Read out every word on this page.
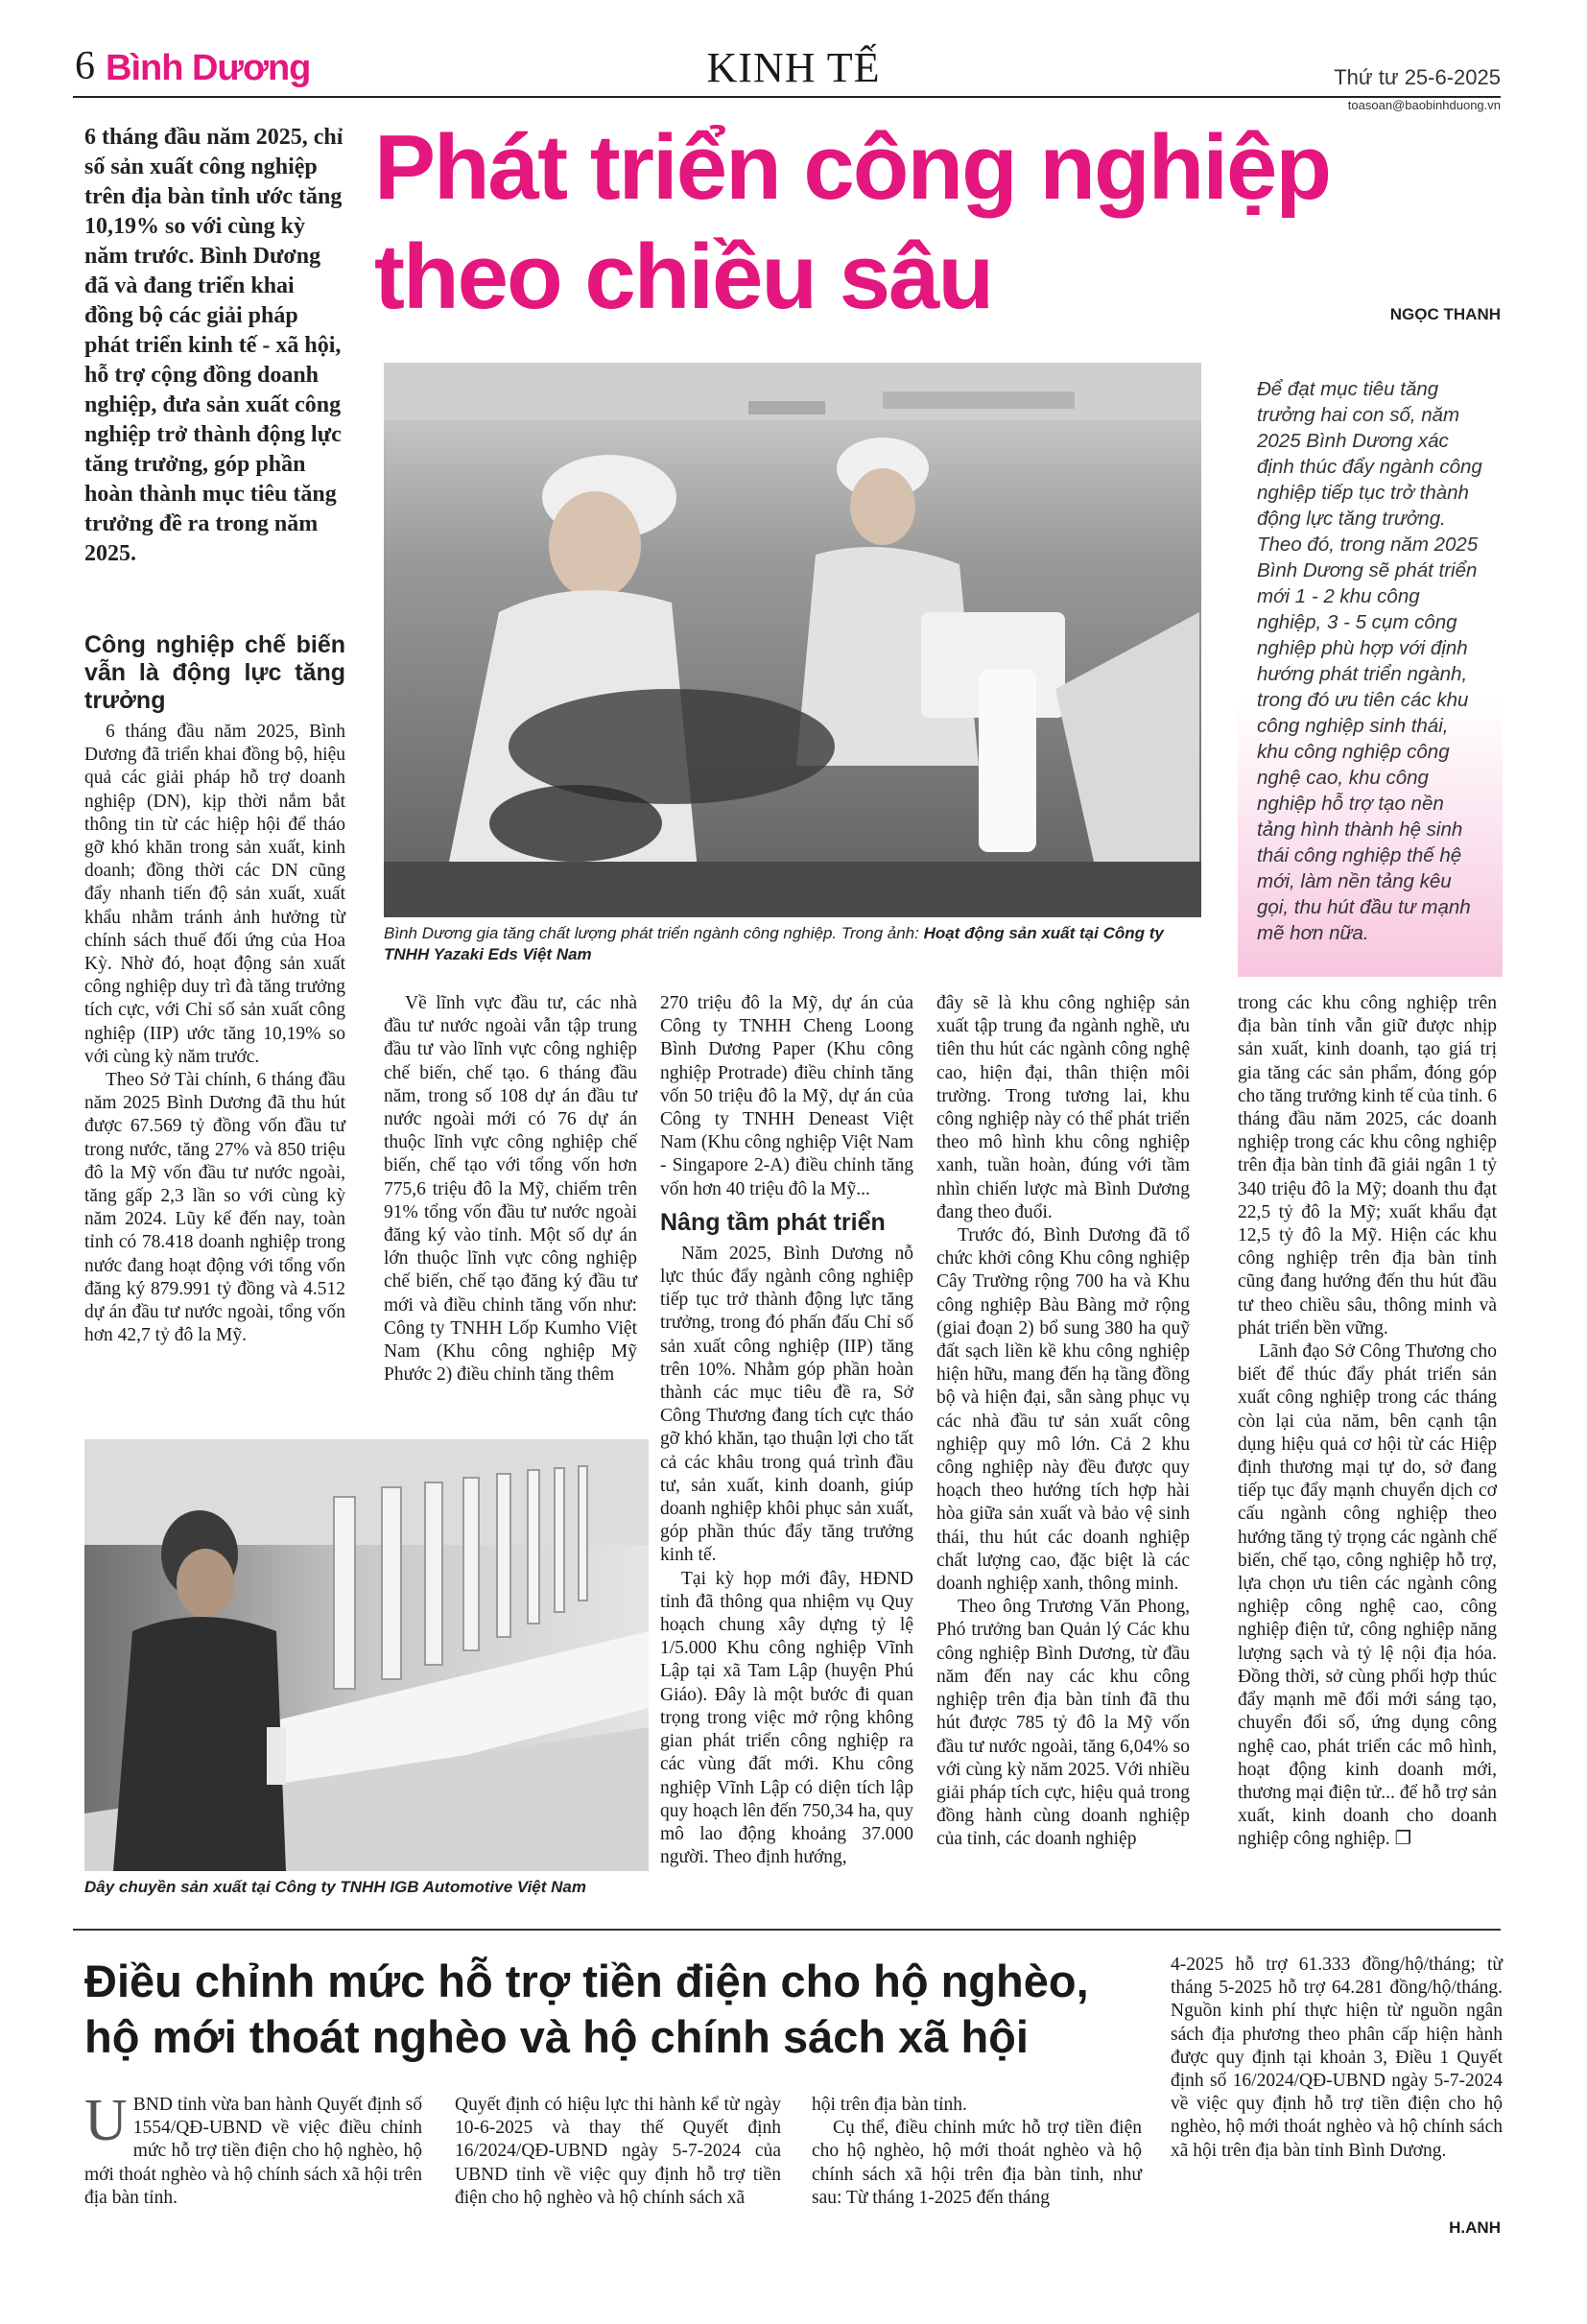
6 Bình Dương	KINH TẾ	Thứ tư 25-6-2025
toasoan@baobinhduong.vn
6 tháng đầu năm 2025, chỉ số sản xuất công nghiệp trên địa bàn tỉnh ước tăng 10,19% so với cùng kỳ năm trước. Bình Dương đã và đang triển khai đồng bộ các giải pháp phát triển kinh tế - xã hội, hỗ trợ cộng đồng doanh nghiệp, đưa sản xuất công nghiệp trở thành động lực tăng trưởng, góp phần hoàn thành mục tiêu tăng trưởng đề ra trong năm 2025.
Phát triển công nghiệp
theo chiều sâu	NGỌC THANH
Bình Dương gia tăng chất lượng phát triển ngành công nghiệp. Trong ảnh: Hoạt động sản xuất tại Công ty TNHH Yazaki Eds Việt Nam
Để đạt mục tiêu tăng trưởng hai con số, năm 2025 Bình Dương xác định thúc đẩy ngành công nghiệp tiếp tục trở thành động lực tăng trưởng. Theo đó, trong năm 2025 Bình Dương sẽ phát triển mới 1 - 2 khu công nghiệp, 3 - 5 cụm công nghiệp phù hợp với định hướng phát triển ngành, trong đó ưu tiên các khu công nghiệp sinh thái, khu công nghiệp công nghệ cao, khu công nghiệp hỗ trợ tạo nền tảng hình thành hệ sinh thái công nghiệp thế hệ mới, làm nền tảng kêu gọi, thu hút đầu tư mạnh mẽ hơn nữa.
Công nghiệp chế biến vẫn là động lực tăng trưởng

6 tháng đầu năm 2025, Bình Dương đã triển khai đồng bộ, hiệu quả các giải pháp hỗ trợ doanh nghiệp (DN), kịp thời nắm bắt thông tin từ các hiệp hội để tháo gỡ khó khăn trong sản xuất, kinh doanh; đồng thời các DN cũng đẩy nhanh tiến độ sản xuất, xuất khẩu nhằm tránh ảnh hưởng từ chính sách thuế đối ứng của Hoa Kỳ. Nhờ đó, hoạt động sản xuất công nghiệp duy trì đà tăng trưởng tích cực, với Chỉ số sản xuất công nghiệp (IIP) ước tăng 10,19% so với cùng kỳ năm trước.

Theo Sở Tài chính, 6 tháng đầu năm 2025 Bình Dương đã thu hút được 67.569 tỷ đồng vốn đầu tư trong nước, tăng 27% và 850 triệu đô la Mỹ vốn đầu tư nước ngoài, tăng gấp 2,3 lần so với cùng kỳ năm 2024. Lũy kế đến nay, toàn tỉnh có 78.418 doanh nghiệp trong nước đang hoạt động với tổng vốn đăng ký 879.991 tỷ đồng và 4.512 dự án đầu tư nước ngoài, tổng vốn hơn 42,7 tỷ đô la Mỹ.

Về lĩnh vực đầu tư, các nhà đầu tư nước ngoài vẫn tập trung đầu tư vào lĩnh vực công nghiệp chế biến, chế tạo. 6 tháng đầu năm, trong số 108 dự án đầu tư nước ngoài mới có 76 dự án thuộc lĩnh vực công nghiệp chế biến, chế tạo với tổng vốn hơn 775,6 triệu đô la Mỹ, chiếm trên 91% tổng vốn đầu tư nước ngoài đăng ký vào tỉnh. Một số dự án lớn thuộc lĩnh vực công nghiệp chế biến, chế tạo đăng ký đầu tư mới và điều chỉnh tăng vốn như: Công ty TNHH Lốp Kumho Việt Nam (Khu công nghiệp Mỹ Phước 2) điều chỉnh tăng thêm

270 triệu đô la Mỹ, dự án của Công ty TNHH Cheng Loong Bình Dương Paper (Khu công nghiệp Protrade) điều chỉnh tăng vốn 50 triệu đô la Mỹ, dự án của Công ty TNHH Deneast Việt Nam (Khu công nghiệp Việt Nam - Singapore 2-A) điều chỉnh tăng vốn hơn 40 triệu đô la Mỹ...

Nâng tầm phát triển

Năm 2025, Bình Dương nỗ lực thúc đẩy ngành công nghiệp tiếp tục trở thành động lực tăng trưởng, trong đó phấn đấu Chỉ số sản xuất công nghiệp (IIP) tăng trên 10%. Nhằm góp phần hoàn thành các mục tiêu đề ra, Sở Công Thương đang tích cực tháo gỡ khó khăn, tạo thuận lợi cho tất cả các khâu trong quá trình đầu tư, sản xuất, kinh doanh, giúp doanh nghiệp khôi phục sản xuất, góp phần thúc đẩy tăng trưởng kinh tế.

Tại kỳ họp mới đây, HĐND tỉnh đã thông qua nhiệm vụ Quy hoạch chung xây dựng tỷ lệ 1/5.000 Khu công nghiệp Vĩnh Lập tại xã Tam Lập (huyện Phú Giáo). Đây là một bước đi quan trọng trong việc mở rộng không gian phát triển công nghiệp ra các vùng đất mới. Khu công nghiệp Vĩnh Lập có diện tích lập quy hoạch lên đến 750,34 ha, quy mô lao động khoảng 37.000 người. Theo định hướng,

đây sẽ là khu công nghiệp sản xuất tập trung đa ngành nghề, ưu tiên thu hút các ngành công nghệ cao, hiện đại, thân thiện môi trường. Trong tương lai, khu công nghiệp này có thể phát triển theo mô hình khu công nghiệp xanh, tuần hoàn, đúng với tầm nhìn chiến lược mà Bình Dương đang theo đuổi.

Trước đó, Bình Dương đã tổ chức khởi công Khu công nghiệp Cây Trường rộng 700 ha và Khu công nghiệp Bàu Bàng mở rộng (giai đoạn 2) bổ sung 380 ha quỹ đất sạch liền kề khu công nghiệp hiện hữu, mang đến hạ tầng đồng bộ và hiện đại, sẵn sàng phục vụ các nhà đầu tư sản xuất công nghiệp quy mô lớn. Cả 2 khu công nghiệp này đều được quy hoạch theo hướng tích hợp hài hòa giữa sản xuất và bảo vệ sinh thái, thu hút các doanh nghiệp chất lượng cao, đặc biệt là các doanh nghiệp xanh, thông minh.

Theo ông Trương Văn Phong, Phó trưởng ban Quản lý Các khu công nghiệp Bình Dương, từ đầu năm đến nay các khu công nghiệp trên địa bàn tỉnh đã thu hút được 785 tỷ đô la Mỹ vốn đầu tư nước ngoài, tăng 6,04% so với cùng kỳ năm 2025. Với nhiều giải pháp tích cực, hiệu quả trong đồng hành cùng doanh nghiệp của tỉnh, các doanh nghiệp

trong các khu công nghiệp trên địa bàn tỉnh vẫn giữ được nhịp sản xuất, kinh doanh, tạo giá trị gia tăng các sản phẩm, đóng góp cho tăng trưởng kinh tế của tỉnh. 6 tháng đầu năm 2025, các doanh nghiệp trong các khu công nghiệp trên địa bàn tỉnh đã giải ngân 1 tỷ 340 triệu đô la Mỹ; doanh thu đạt 22,5 tỷ đô la Mỹ; xuất khẩu đạt 12,5 tỷ đô la Mỹ. Hiện các khu công nghiệp trên địa bàn tỉnh cũng đang hướng đến thu hút đầu tư theo chiều sâu, thông minh và phát triển bền vững.

Lãnh đạo Sở Công Thương cho biết để thúc đẩy phát triển sản xuất công nghiệp trong các tháng còn lại của năm, bên cạnh tận dụng hiệu quả cơ hội từ các Hiệp định thương mại tự do, sở đang tiếp tục đẩy mạnh chuyển dịch cơ cấu ngành công nghiệp theo hướng tăng tỷ trọng các ngành chế biến, chế tạo, công nghiệp hỗ trợ, lựa chọn ưu tiên các ngành công nghiệp công nghệ cao, công nghiệp điện tử, công nghiệp năng lượng sạch và tỷ lệ nội địa hóa. Đồng thời, sở cùng phối hợp thúc đẩy mạnh mẽ đổi mới sáng tạo, chuyển đổi số, ứng dụng công nghệ cao, phát triển các mô hình, hoạt động kinh doanh mới, thương mại điện tử... để hỗ trợ sản xuất, kinh doanh cho doanh nghiệp công nghiệp. ❐

Dây chuyền sản xuất tại Công ty TNHH IGB Automotive Việt Nam
Điều chỉnh mức hỗ trợ tiền điện cho hộ nghèo,
hộ mới thoát nghèo và hộ chính sách xã hội
U BND tỉnh vừa ban hành Quyết định số 1554/QĐ-UBND về việc điều chỉnh mức hỗ trợ tiền điện cho hộ nghèo, hộ mới thoát nghèo và hộ chính sách xã hội trên địa bàn tỉnh.

Quyết định có hiệu lực thi hành kể từ ngày 10-6-2025 và thay thế Quyết định 16/2024/QĐ-UBND ngày 5-7-2024 của UBND tỉnh về việc quy định hỗ trợ tiền điện cho hộ nghèo và hộ chính sách xã

hội trên địa bàn tỉnh.

Cụ thể, điều chỉnh mức hỗ trợ tiền điện cho hộ nghèo, hộ mới thoát nghèo và hộ chính sách xã hội trên địa bàn tỉnh, như sau: Từ tháng 1-2025 đến tháng

4-2025 hỗ trợ 61.333 đồng/hộ/tháng; từ tháng 5-2025 hỗ trợ 64.281 đồng/hộ/tháng. Nguồn kinh phí thực hiện từ nguồn ngân sách địa phương theo phân cấp hiện hành được quy định tại khoản 3, Điều 1 Quyết định số 16/2024/QĐ-UBND ngày 5-7-2024 về việc quy định hỗ trợ tiền điện cho hộ nghèo, hộ mới thoát nghèo và hộ chính sách xã hội trên địa bàn tỉnh Bình Dương.

H.ANH
